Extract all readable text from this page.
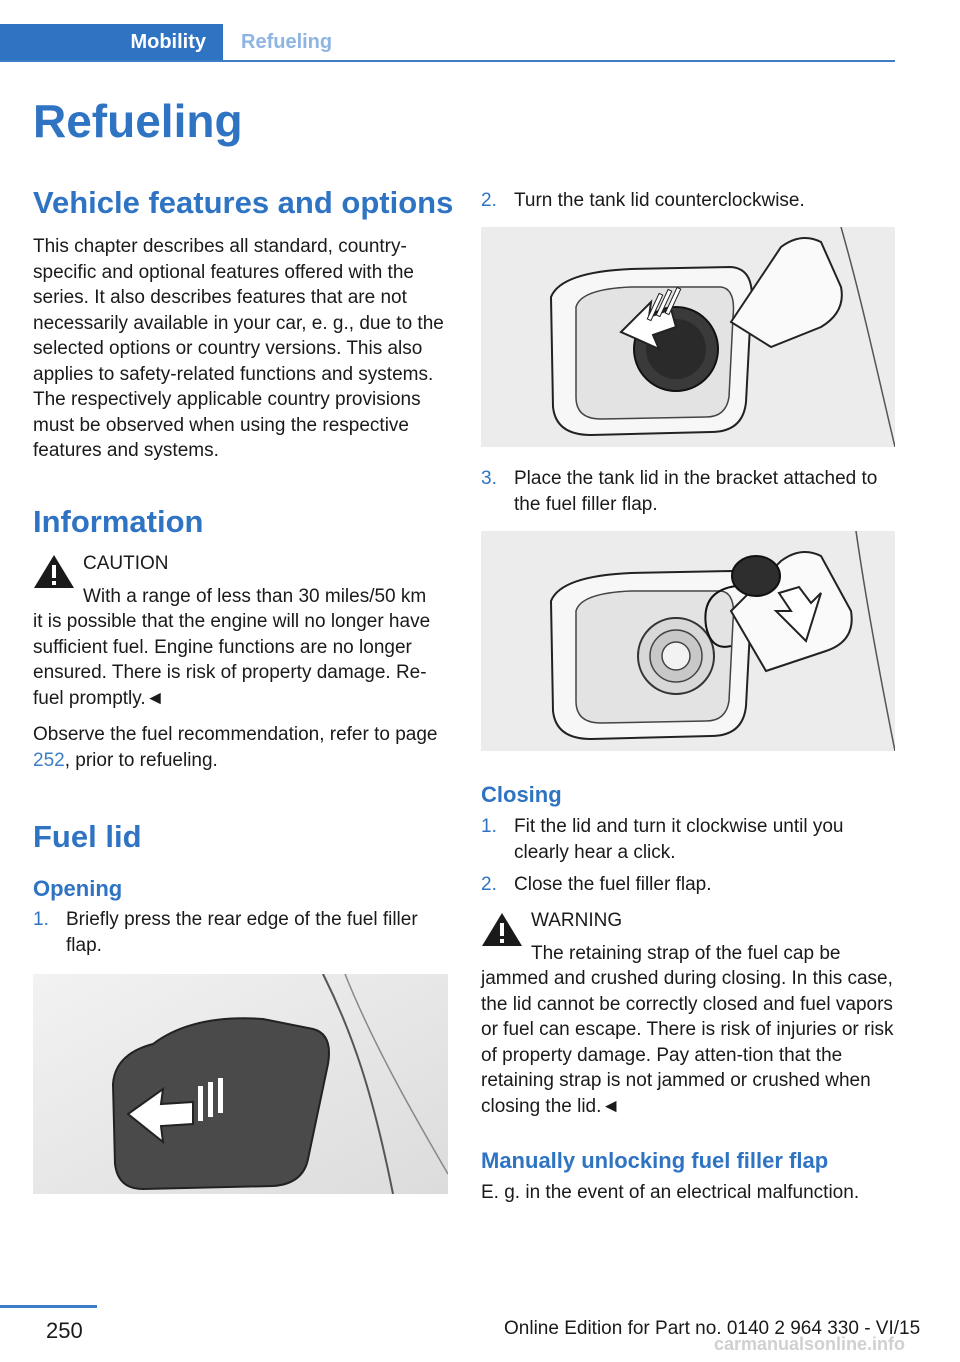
Mobility	Refueling
Refueling
Vehicle features and options
This chapter describes all standard, country-specific and optional features offered with the series. It also describes features that are not necessarily available in your car, e. g., due to the selected options or country versions. This also applies to safety-related functions and systems. The respectively applicable country provisions must be observed when using the respective features and systems.
Information
CAUTION
With a range of less than 30 miles/50 km
it is possible that the engine will no longer have sufficient fuel. Engine functions are no longer ensured. There is risk of property damage. Re-fuel promptly.◄
Observe the fuel recommendation, refer to page 252, prior to refueling.
Fuel lid
Opening
1. Briefly press the rear edge of the fuel filler flap.
2. Turn the tank lid counterclockwise.
3. Place the tank lid in the bracket attached to the fuel filler flap.
Closing
1. Fit the lid and turn it clockwise until you clearly hear a click.
2. Close the fuel filler flap.
WARNING
The retaining strap of the fuel cap be
jammed and crushed during closing. In this case, the lid cannot be correctly closed and fuel vapors or fuel can escape. There is risk of injuries or risk of property damage. Pay atten-tion that the retaining strap is not jammed or crushed when closing the lid.◄
Manually unlocking fuel filler flap
E. g. in the event of an electrical malfunction.
250	Online Edition for Part no. 0140 2 964 330 - VI/15
carmanualsonline.info
